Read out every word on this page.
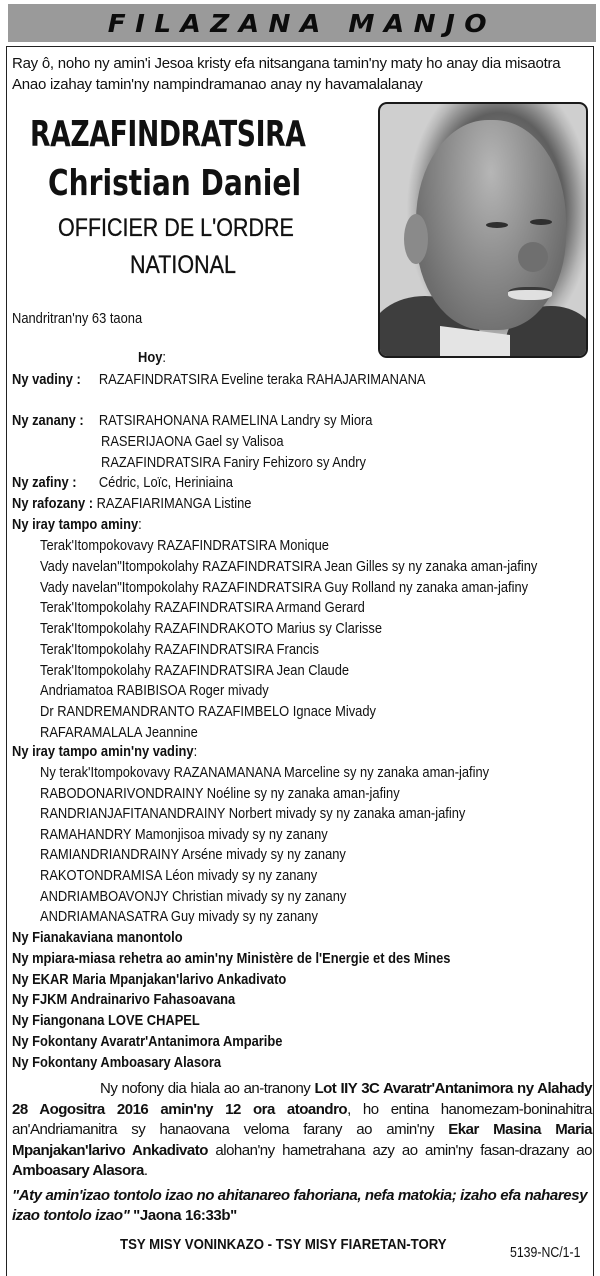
FILAZANA MANJO
Ray ô, noho ny amin'i Jesoa kristy efa nitsangana tamin'ny maty ho anay dia misaotra Anao izahay tamin'ny nampindramanao anay ny havamalalanay
RAZAFINDRATSIRA
Christian Daniel
OFFICIER DE L'ORDRE
NATIONAL
Nandritran'ny 63 taona
Hoy:
Ny vadiny : RAZAFINDRATSIRA Eveline teraka RAHAJARIMANANA
Ny zanany : RATSIRAHONANA RAMELINA Landry sy Miora
RASERIJAONA Gael sy Valisoa
RAZAFINDRATSIRA Faniry Fehizoro sy Andry
Ny zafiny : Cédric, Loïc, Heriniaina
Ny rafozany : RAZAFIARIMANGA Listine
Ny iray tampo aminy:
Terak'Itompokovavy RAZAFINDRATSIRA Monique
Vady navelan"Itompokolahy RAZAFINDRATSIRA Jean Gilles sy ny zanaka aman-jafiny
Vady navelan"Itompokolahy RAZAFINDRATSIRA Guy Rolland ny zanaka aman-jafiny
Terak'Itompokolahy RAZAFINDRATSIRA Armand Gerard
Terak'Itompokolahy RAZAFINDRAKOTO Marius sy Clarisse
Terak'Itompokolahy RAZAFINDRATSIRA Francis
Terak'Itompokolahy RAZAFINDRATSIRA Jean Claude
Andriamatoa RABIBISOA Roger mivady
Dr RANDREMANDRANTO RAZAFIMBELO Ignace Mivady
RAFARAMALALA Jeannine
Ny iray tampo amin'ny vadiny:
Ny terak'Itompokovavy RAZANAMANANA Marceline sy ny zanaka aman-jafiny
RABODONARIVONDRAINY Noéline sy ny zanaka aman-jafiny
RANDRIANJAFITANANDRAINY Norbert mivady sy ny zanaka aman-jafiny
RAMAHANDRY Mamonjisoa mivady sy ny zanany
RAMIANDRIANDRAINY Arséne mivady sy ny zanany
RAKOTONDRAMISA Léon mivady sy ny zanany
ANDRIAMBOAVONJY Christian mivady sy ny zanany
ANDRIAMANASATRA Guy mivady sy ny zanany
Ny Fianakaviana manontolo
Ny mpiara-miasa rehetra ao amin'ny Ministère de l'Energie et des Mines
Ny EKAR Maria Mpanjakan'larivo Ankadivato
Ny FJKM Andrainarivo Fahasoavana
Ny Fiangonana LOVE CHAPEL
Ny Fokontany Avaratr'Antanimora Amparibe
Ny Fokontany Amboasary Alasora
Ny nofony dia hiala ao an-tranony Lot IIY 3C Avaratr'Antanimora ny Alahady 28 Aogositra 2016 amin'ny 12 ora atoandro, ho entina hanomezam-boninahitra an'Andriamanitra sy hanaovana veloma farany ao amin'ny Ekar Masina Maria Mpanjakan'larivo Ankadivato alohan'ny hametrahana azy ao amin'ny fasan-drazany ao Amboasary Alasora.
"Aty amin'izao tontolo izao no ahitanareo fahoriana, nefa matokia; izaho efa naharesy izao tontolo izao" "Jaona 16:33b"
TSY MISY VONINKAZO - TSY MISY FIARETAN-TORY	5139-NC/1-1
